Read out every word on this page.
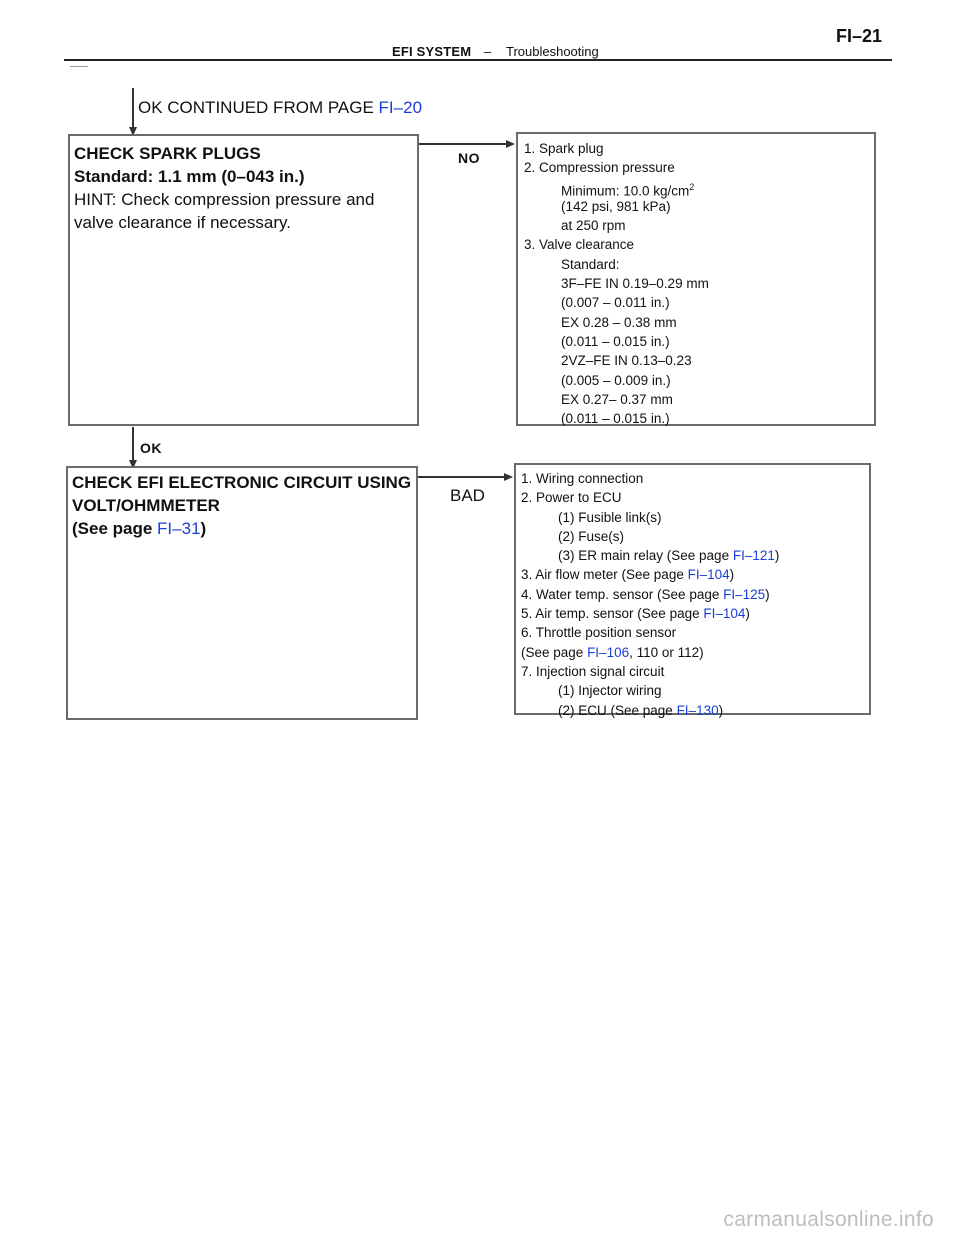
EFI SYSTEM – Troubleshooting
FI–21
OK CONTINUED FROM PAGE FI–20
CHECK SPARK PLUGS
Standard: 1.1 mm (0–043 in.)
HINT: Check compression pressure and
valve clearance if necessary.
NO
1. Spark plug
2. Compression pressure
Minimum: 10.0 $kg/cm^2$
(142 psi, 981 kPa)
at 250 rpm
3. Valve clearance
Standard:
3F–FE IN 0.19–0.29 mm
(0.007 – 0.011 in.)
EX 0.28 – 0.38 mm
(0.011 – 0.015 in.)
2VZ–FE IN 0.13–0.23
(0.005 – 0.009 in.)
EX 0.27– 0.37 mm
(0.011 – 0.015 in.)
OK
CHECK EFI ELECTRONIC CIRCUIT USING
VOLT/OHMMETER
(See page FI–31)
BAD
1. Wiring connection
2. Power to ECU
(1) Fusible link(s)
(2) Fuse(s)
(3) ER main relay (See page FI–121)
3. Air flow meter (See page FI–104)
4. Water temp. sensor (See page FI–125)
5. Air temp. sensor (See page FI–104)
6. Throttle position sensor
(See page FI–106, 110 or 112)
7. Injection signal circuit
(1) Injector wiring
(2) ECU (See page FI–130)
carmanualsonline.info
